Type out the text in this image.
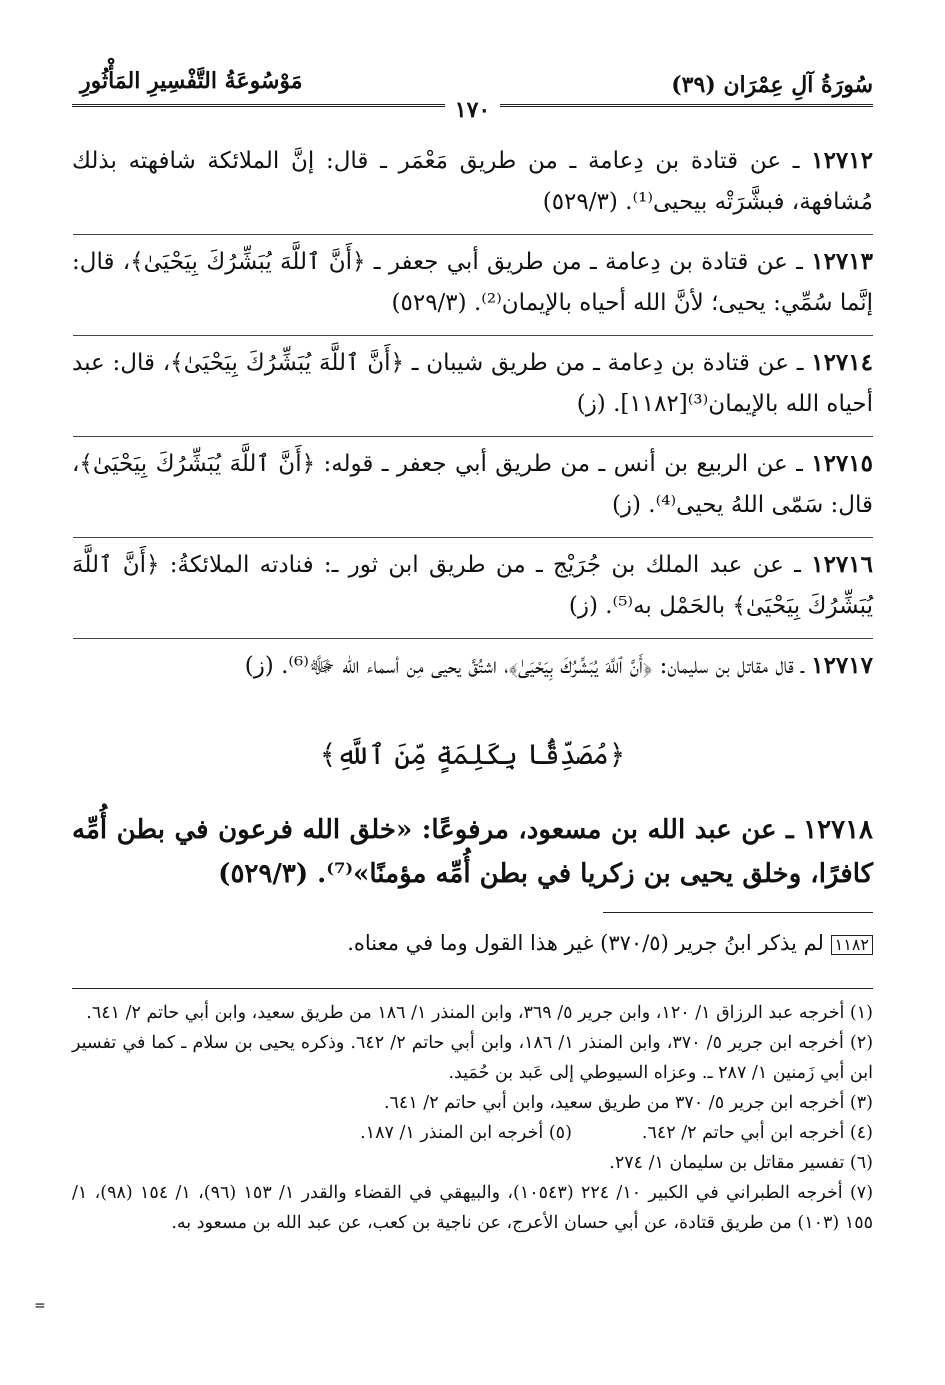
سُورَةُ آلِ عِمْرَان (٣٩)
مَوْسُوعَةُ التَّفْسِيرِ المَأْثُورِ
١٧٠

١٢٧١٢ ـ عن قتادة بن دِعامة ـ من طريق مَعْمَر ـ قال: إنَّ الملائكة شافهته بذلك مُشافهة، فبشَّرَتْه بيحيى⁽¹⁾. (٥٢٩/٣)

١٢٧١٣ ـ عن قتادة بن دِعامة ـ من طريق أبي جعفر ـ ﴿أَنَّ ٱللَّهَ يُبَشِّرُكَ بِيَحْيَىٰ﴾، قال: إنَّما سُمِّي: يحيى؛ لأنَّ الله أحياه بالإيمان⁽²⁾. (٥٢٩/٣)

١٢٧١٤ ـ عن قتادة بن دِعامة ـ من طريق شيبان ـ ﴿أَنَّ ٱللَّهَ يُبَشِّرُكَ بِيَحْيَىٰ﴾، قال: عبد أحياه الله بالإيمان⁽³⁾[١١٨٢]. (ز)

١٢٧١٥ ـ عن الربيع بن أنس ـ من طريق أبي جعفر ـ قوله: ﴿أَنَّ ٱللَّهَ يُبَشِّرُكَ بِيَحْيَىٰ﴾، قال: سَمّى اللهُ يحيى⁽⁴⁾. (ز)

١٢٧١٦ ـ عن عبد الملك بن جُرَيْج ـ من طريق ابن ثور ـ: فنادته الملائكةُ: ﴿أَنَّ ٱللَّهَ يُبَشِّرُكَ بِيَحْيَىٰ﴾ بالحَمْل به⁽⁵⁾. (ز)

١٢٧١٧ ـ قال مقاتل بن سليمان: ﴿أَنَّ ٱللَّهَ يُبَشِّرُكَ بِيَحْيَىٰ﴾، اشتُقَّ يحيى مِن أسماء الله ﷻ⁽⁶⁾. (ز)

﴿مُصَدِّقًۢا بِكَلِمَةٍ مِّنَ ٱللَّهِ﴾

١٢٧١٨ ـ عن عبد الله بن مسعود، مرفوعًا: «خلق الله فرعون في بطن أُمِّه كافرًا، وخلق يحيى بن زكريا في بطن أُمِّه مؤمنًا»⁽⁷⁾. (٥٢٩/٣)

١١٨٢ لم يذكر ابنُ جرير (٣٧٠/٥) غير هذا القول وما في معناه.

(١) أخرجه عبد الرزاق ١/ ١٢٠، وابن جرير ٥/ ٣٦٩، وابن المنذر ١/ ١٨٦ من طريق سعيد، وابن أبي حاتم ٢/ ٦٤١.

(٢) أخرجه ابن جرير ٥/ ٣٧٠، وابن المنذر ١/ ١٨٦، وابن أبي حاتم ٢/ ٦٤٢. وذكره يحيى بن سلام ـ كما في تفسير ابن أبي زَمنين ١/ ٢٨٧ ـ. وعزاه السيوطي إلى عَبد بن حُمَيد.

(٣) أخرجه ابن جرير ٥/ ٣٧٠ من طريق سعيد، وابن أبي حاتم ٢/ ٦٤١.

(٤) أخرجه ابن أبي حاتم ٢/ ٦٤٢.
(٥) أخرجه ابن المنذر ١/ ١٨٧.

(٦) تفسير مقاتل بن سليمان ١/ ٢٧٤.

(٧) أخرجه الطبراني في الكبير ١٠/ ٢٢٤ (١٠٥٤٣)، والبيهقي في القضاء والقدر ١/ ١٥٣ (٩٦)، ١/ ١٥٤ (٩٨)، ١/ ١٥٥ (١٠٣) من طريق قتادة، عن أبي حسان الأعرج، عن ناجية بن كعب، عن عبد الله بن مسعود به.

=
